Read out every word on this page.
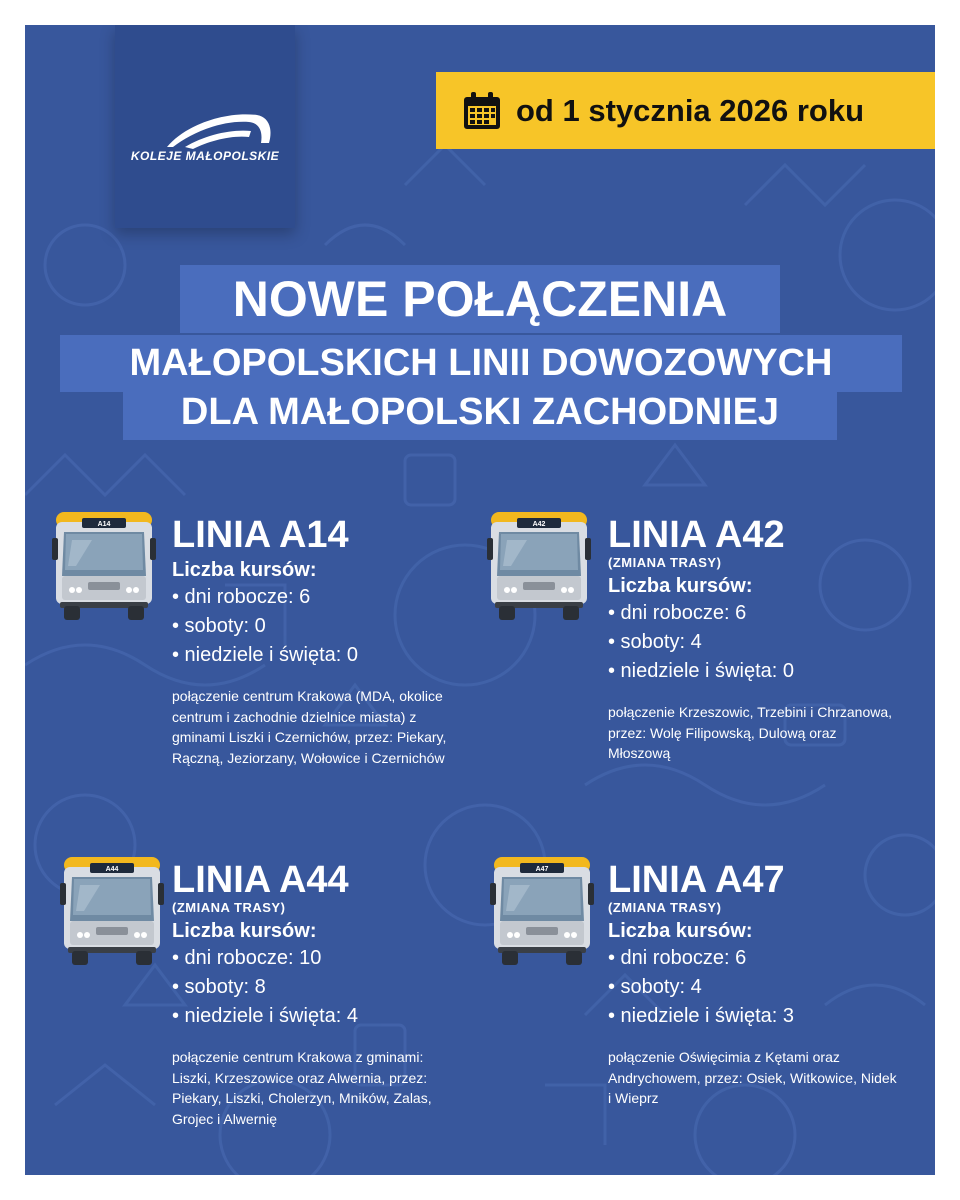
KOLEJE MAŁOPOLSKIE
od 1 stycznia 2026 roku
NOWE POŁĄCZENIA
MAŁOPOLSKICH LINII DOWOZOWYCH
DLA MAŁOPOLSKI ZACHODNIEJ
A14 LINIA A14
Liczba kursów:
• dni robocze: 6
• soboty: 0
• niedziele i święta: 0
połączenie centrum Krakowa (MDA, okolice centrum i zachodnie dzielnice miasta) z gminami Liszki i Czernichów, przez: Piekary, Rączną, Jeziorzany, Wołowice i Czernichów
A42 LINIA A42
(ZMIANA TRASY)
Liczba kursów:
• dni robocze: 6
• soboty: 4
• niedziele i święta: 0
połączenie Krzeszowic, Trzebini i Chrzanowa, przez: Wolę Filipowską, Dulową oraz Młoszową
A44 LINIA A44
(ZMIANA TRASY)
Liczba kursów:
• dni robocze: 10
• soboty: 8
• niedziele i święta: 4
połączenie centrum Krakowa z gminami: Liszki, Krzeszowice oraz Alwernia, przez: Piekary, Liszki, Cholerzyn, Mników, Zalas, Grojec i Alwernię
A47 LINIA A47
(ZMIANA TRASY)
Liczba kursów:
• dni robocze: 6
• soboty: 4
• niedziele i święta: 3
połączenie Oświęcimia z Kętami oraz Andrychowem, przez: Osiek, Witkowice, Nidek i Wieprz
